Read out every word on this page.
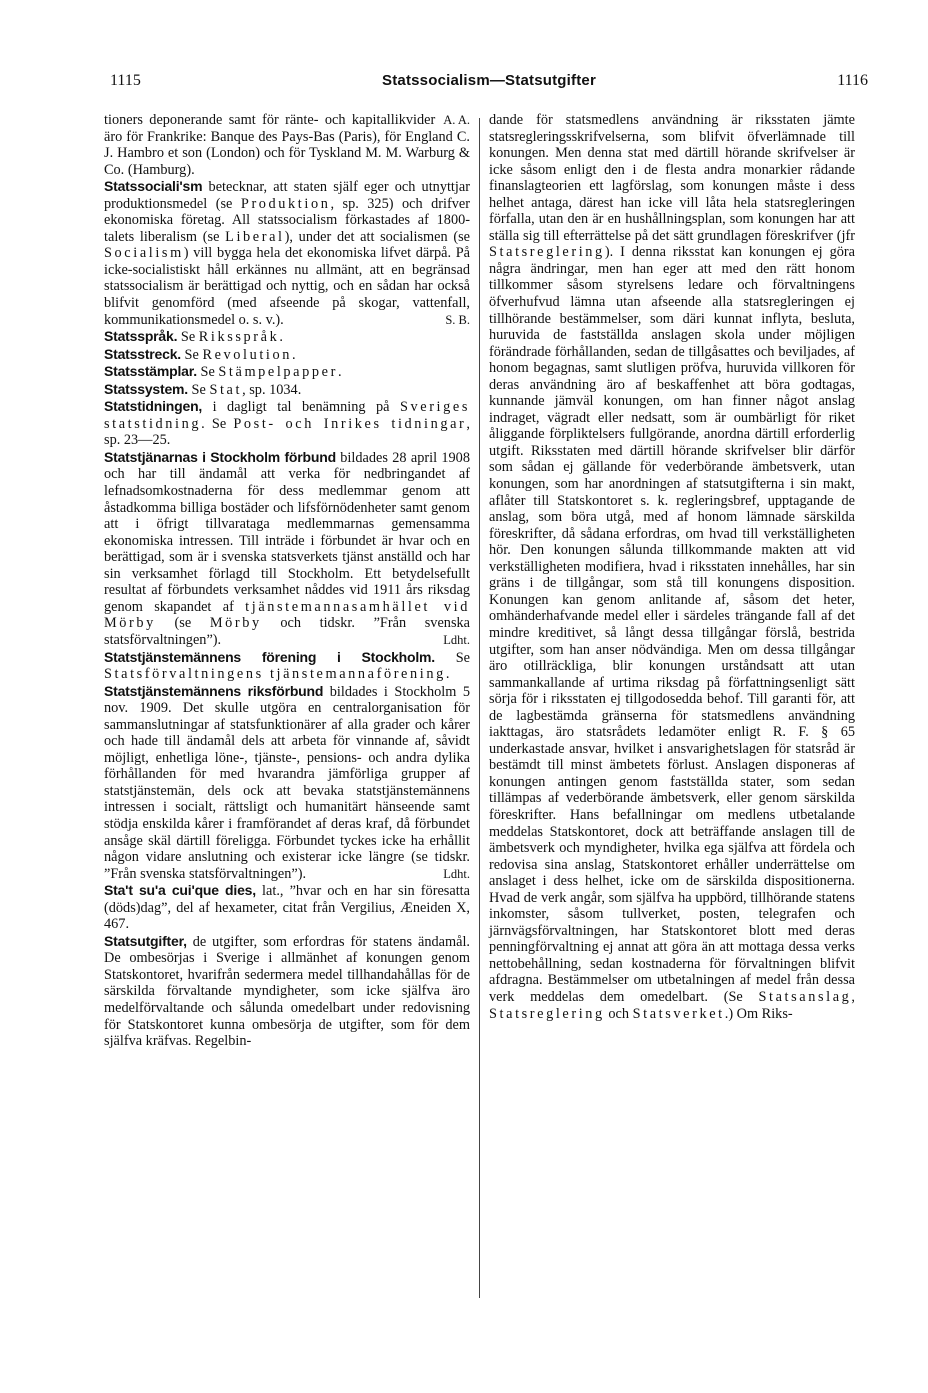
1115	Statssocialism—Statsutgifter	1116

A. A.
tioners deponerande samt för ränte- och kapitallikvider äro för Frankrike: Banque des Pays-Bas (Paris), för England C. J. Hambro et son (London) och för Tyskland M. M. Warburg & Co. (Hamburg).

Statssociali'sm betecknar, att staten själf eger och utnyttjar produktionsmedel (se Produktion, sp. 325) och drifver ekonomiska företag. All statssocialism förkastades af 1800-talets liberalism (se Liberal), under det att socialismen (se Socialism) vill bygga hela det ekonomiska lifvet därpå. På icke-socialistiskt håll erkännes nu allmänt, att en begränsad statssocialism är berättigad och nyttig, och en sådan har också blifvit genomförd (med afseende på skogar, vattenfall, kommunikationsmedel o. s. v.).	S. B.

Statsspråk. Se Riksspråk.

Statsstreck. Se Revolution.

Statsstämplar. Se Stämpelpapper.

Statssystem. Se Stat, sp. 1034.

Statstidningen, i dagligt tal benämning på Sveriges statstidning. Se Post- och Inrikes tidningar, sp. 23—25.

Statstjänarnas i Stockholm förbund bildades 28 april 1908 och har till ändamål att verka för nedbringandet af lefnadsomkostnaderna för dess medlemmar genom att åstadkomma billiga bostäder och lifsförnödenheter samt genom att i öfrigt tillvarataga medlemmarnas gemensamma ekonomiska intressen. Till inträde i förbundet är hvar och en berättigad, som är i svenska statsverkets tjänst anställd och har sin verksamhet förlagd till Stockholm. Ett betydelsefullt resultat af förbundets verksamhet nåddes vid 1911 års riksdag genom skapandet af tjänstemannasamhället vid Mörby (se Mörby och tidskr. ”Från svenska statsförvaltningen”).	Ldht.

Statstjänstemännens förening i Stockholm. Se Statsförvaltningens tjänstemannaförening.

Statstjänstemännens riksförbund bildades i Stockholm 5 nov. 1909. Det skulle utgöra en centralorganisation för sammanslutningar af statsfunktionärer af alla grader och kårer och hade till ändamål dels att arbeta för vinnande af, såvidt möjligt, enhetliga löne-, tjänste-, pensions- och andra dylika förhållanden för med hvarandra jämförliga grupper af statstjänstemän, dels ock att bevaka statstjänstemännens intressen i socialt, rättsligt och humanitärt hänseende samt stödja enskilda kårer i framförandet af deras kraf, då förbundet ansåge skäl därtill föreligga. Förbundet tyckes icke ha erhållit någon vidare anslutning och existerar icke längre (se tidskr. ”Från svenska statsförvaltningen”).	Ldht.

Sta't su'a cui'que dies, lat., ”hvar och en har sin föresatta (döds)dag”, del af hexameter, citat från Vergilius, Æneiden X, 467.

Statsutgifter, de utgifter, som erfordras för statens ändamål. De ombesörjas i Sverige i allmänhet af konungen genom Statskontoret, hvarifrån sedermera medel tillhandahållas för de särskilda förvaltande myndigheter, som icke själfva äro medelförvaltande och sålunda omedelbart under redovisning för Statskontoret kunna ombesörja de utgifter, som för dem själfva kräfvas. Regelbin-

dande för statsmedlens användning är riksstaten jämte statsregleringsskrifvelserna, som blifvit öfverlämnade till konungen. Men denna stat med därtill hörande skrifvelser är icke såsom enligt den i de flesta andra monarkier rådande finanslagteorien ett lagförslag, som konungen måste i dess helhet antaga, därest han icke vill låta hela statsregleringen förfalla, utan den är en hushållningsplan, som konungen har att ställa sig till efterrättelse på det sätt grundlagen föreskrifver (jfr Statsreglering). I denna riksstat kan konungen ej göra några ändringar, men han eger att med den rätt honom tillkommer såsom styrelsens ledare och förvaltningens öfverhufvud lämna utan afseende alla statsregleringen ej tillhörande bestämmelser, som däri kunnat inflyta, besluta, huruvida de fastställda anslagen skola under möjligen förändrade förhållanden, sedan de tillgåsattes och beviljades, af honom begagnas, samt slutligen pröfva, huruvida villkoren för deras användning äro af beskaffenhet att böra godtagas, kunnande jämväl konungen, om han finner något anslag indraget, vägradt eller nedsatt, som är oumbärligt för riket åliggande förpliktelsers fullgörande, anordna därtill erforderlig utgift. Riksstaten med därtill hörande skrifvelser blir därför som sådan ej gällande för vederbörande ämbetsverk, utan konungen, som har anordningen af statsutgifterna i sin makt, aflåter till Statskontoret s. k. regleringsbref, upptagande de anslag, som böra utgå, med af honom lämnade särskilda föreskrifter, då sådana erfordras, om hvad till verkställigheten hör. Den konungen sålunda tillkommande makten att vid verkställigheten modifiera, hvad i riksstaten innehålles, har sin gräns i de tillgångar, som stå till konungens disposition. Konungen kan genom anlitande af, såsom det heter, omhänderhafvande medel eller i särdeles trängande fall af det mindre kreditivet, så långt dessa tillgångar förslå, bestrida utgifter, som han anser nödvändiga. Men om dessa tillgångar äro otillräckliga, blir konungen urståndsatt att utan sammankallande af urtima riksdag på författningsenligt sätt sörja för i riksstaten ej tillgodosedda behof. Till garanti för, att de lagbestämda gränserna för statsmedlens användning iakttagas, äro statsrådets ledamöter enligt R. F. § 65 underkastade ansvar, hvilket i ansvarighetslagen för statsråd är bestämdt till minst ämbetets förlust. Anslagen disponeras af konungen antingen genom fastställda stater, som sedan tillämpas af vederbörande ämbetsverk, eller genom särskilda föreskrifter. Hans befallningar om medlens utbetalande meddelas Statskontoret, dock att beträffande anslagen till de ämbetsverk och myndigheter, hvilka ega själfva att fördela och redovisa sina anslag, Statskontoret erhåller underrättelse om anslaget i dess helhet, icke om de särskilda dispositionerna. Hvad de verk angår, som själfva ha uppbörd, tillhörande statens inkomster, såsom tullverket, posten, telegrafen och järnvägsförvaltningen, har Statskontoret blott med deras penningförvaltning ej annat att göra än att mottaga dessa verks nettobehållning, sedan kostnaderna för förvaltningen blifvit afdragna. Bestämmelser om utbetalningen af medel från dessa verk meddelas dem omedelbart. (Se Statsanslag, Statsreglering och Statsverket.) Om Riks-
